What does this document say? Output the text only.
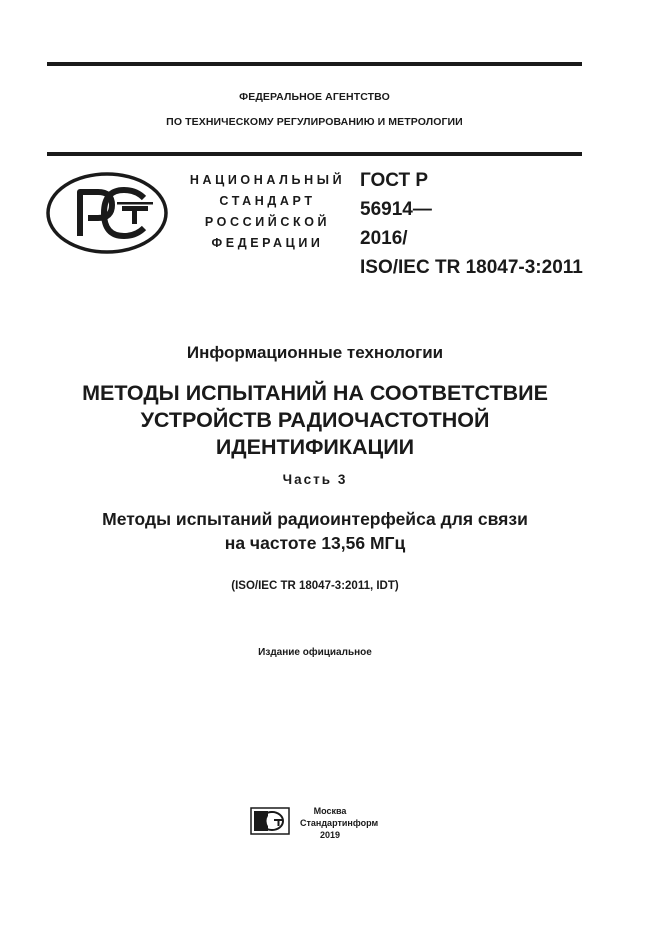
ФЕДЕРАЛЬНОЕ АГЕНТСТВО
ПО ТЕХНИЧЕСКОМУ РЕГУЛИРОВАНИЮ И МЕТРОЛОГИИ
НАЦИОНАЛЬНЫЙ
СТАНДАРТ
РОССИЙСКОЙ
ФЕДЕРАЦИИ
ГОСТ Р
56914—
2016/
ISO/IEC TR 18047-3:2011
Информационные технологии
МЕТОДЫ ИСПЫТАНИЙ НА СООТВЕТСТВИЕ
УСТРОЙСТВ РАДИОЧАСТОТНОЙ
ИДЕНТИФИКАЦИИ
Часть 3
Методы испытаний радиоинтерфейса для связи
на частоте 13,56 МГц
(ISO/IEC TR 18047-3:2011, IDT)
Издание официальное
Москва
Стандартинформ
2019
